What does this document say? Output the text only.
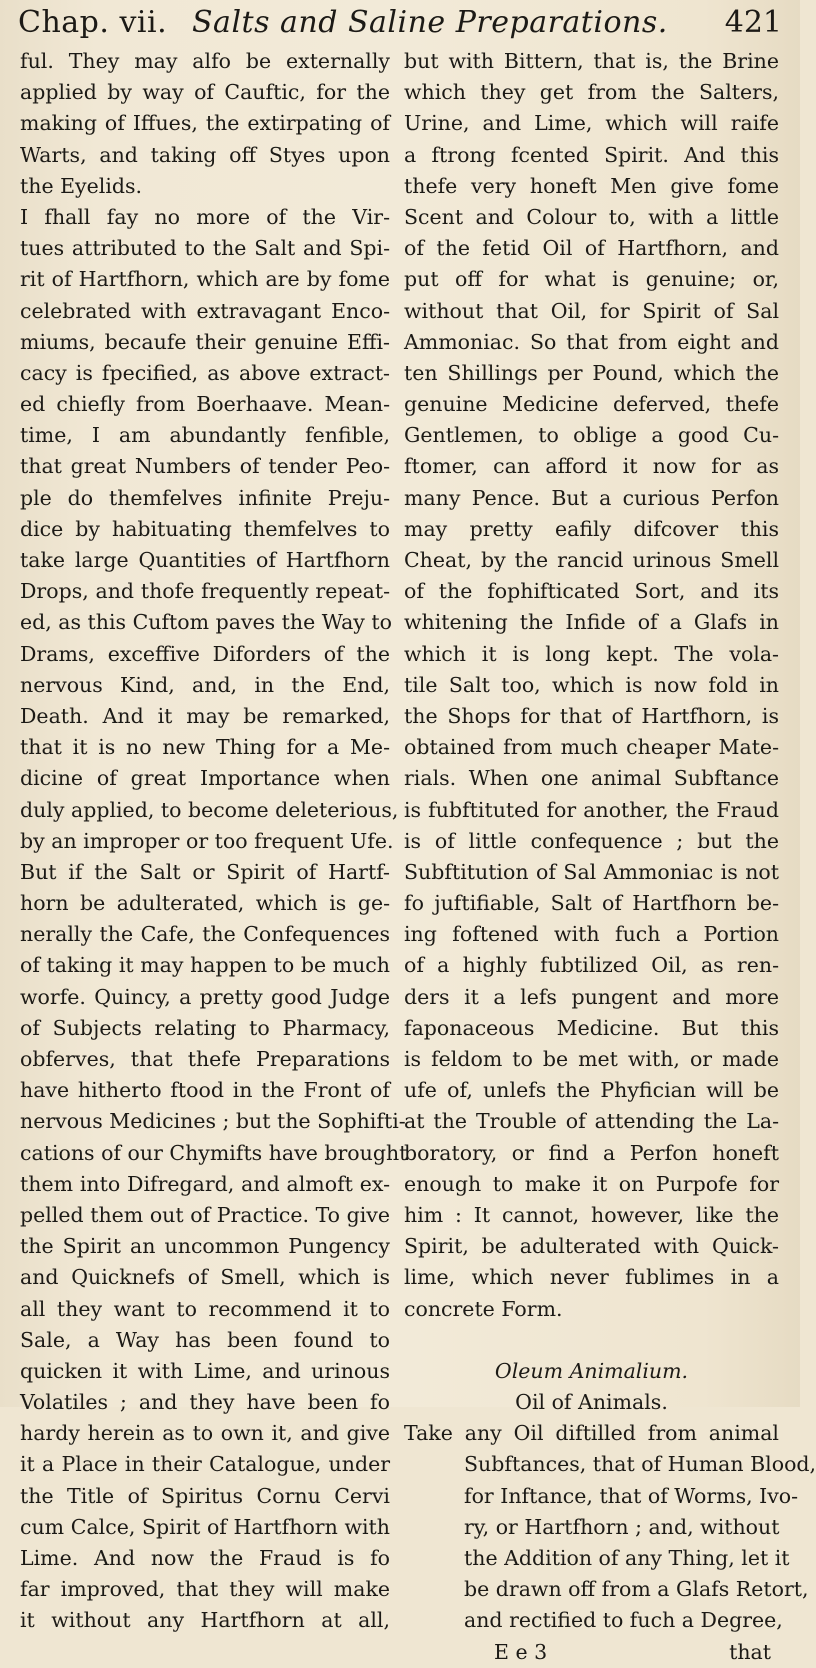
Chap. vii. Salts and Saline Preparations. 421
ful. They may alfo be externally
applied by way of Cauftic, for the
making of Iffues, the extirpating of
Warts, and taking off Styes upon
the Eyelids.
I fhall fay no more of the Vir-
tues attributed to the Salt and Spi-
rit of Hartfhorn, which are by fome
celebrated with extravagant Enco-
miums, becaufe their genuine Effi-
cacy is fpecified, as above extract-
ed chiefly from Boerhaave. Mean-
time, I am abundantly fenfible,
that great Numbers of tender Peo-
ple do themfelves infinite Preju-
dice by habituating themfelves to
take large Quantities of Hartfhorn
Drops, and thofe frequently repeat-
ed, as this Cuftom paves the Way to
Drams, exceffive Diforders of the
nervous Kind, and, in the End,
Death. And it may be remarked,
that it is no new Thing for a Me-
dicine of great Importance when
duly applied, to become deleterious,
by an improper or too frequent Ufe.
But if the Salt or Spirit of Hartf-
horn be adulterated, which is ge-
nerally the Cafe, the Confequences
of taking it may happen to be much
worfe. Quincy, a pretty good Judge
of Subjects relating to Pharmacy,
obferves, that thefe Preparations
have hitherto ftood in the Front of
nervous Medicines ; but the Sophifti-
cations of our Chymifts have brought
them into Difregard, and almoft ex-
pelled them out of Practice. To give
the Spirit an uncommon Pungency
and Quicknefs of Smell, which is
all they want to recommend it to
Sale, a Way has been found to
quicken it with Lime, and urinous
Volatiles ; and they have been fo
hardy herein as to own it, and give
it a Place in their Catalogue, under
the Title of Spiritus Cornu Cervi
cum Calce, Spirit of Hartfhorn with
Lime. And now the Fraud is fo
far improved, that they will make
it without any Hartfhorn at all,
but with Bittern, that is, the Brine
which they get from the Salters,
Urine, and Lime, which will raife
a ftrong fcented Spirit. And this
thefe very honeft Men give fome
Scent and Colour to, with a little
of the fetid Oil of Hartfhorn, and
put off for what is genuine; or,
without that Oil, for Spirit of Sal
Ammoniac. So that from eight and
ten Shillings per Pound, which the
genuine Medicine deferved, thefe
Gentlemen, to oblige a good Cu-
ftomer, can afford it now for as
many Pence. But a curious Perfon
may pretty eafily difcover this
Cheat, by the rancid urinous Smell
of the fophifticated Sort, and its
whitening the Infide of a Glafs in
which it is long kept. The vola-
tile Salt too, which is now fold in
the Shops for that of Hartfhorn, is
obtained from much cheaper Mate-
rials. When one animal Subftance
is fubftituted for another, the Fraud
is of little confequence ; but the
Subftitution of Sal Ammoniac is not
fo juftifiable, Salt of Hartfhorn be-
ing foftened with fuch a Portion
of a highly fubtilized Oil, as ren-
ders it a lefs pungent and more
faponaceous Medicine. But this
is feldom to be met with, or made
ufe of, unlefs the Phyfician will be
at the Trouble of attending the La-
boratory, or find a Perfon honeft
enough to make it on Purpofe for
him : It cannot, however, like the
Spirit, be adulterated with Quick-
lime, which never fublimes in a
concrete Form.
Oleum Animalium.
Oil of Animals.
Take any Oil diftilled from animal
Subftances, that of Human Blood,
for Inftance, that of Worms, Ivo-
ry, or Hartfhorn ; and, without
the Addition of any Thing, let it
be drawn off from a Glafs Retort,
and rectified to fuch a Degree,
E e 3	that
